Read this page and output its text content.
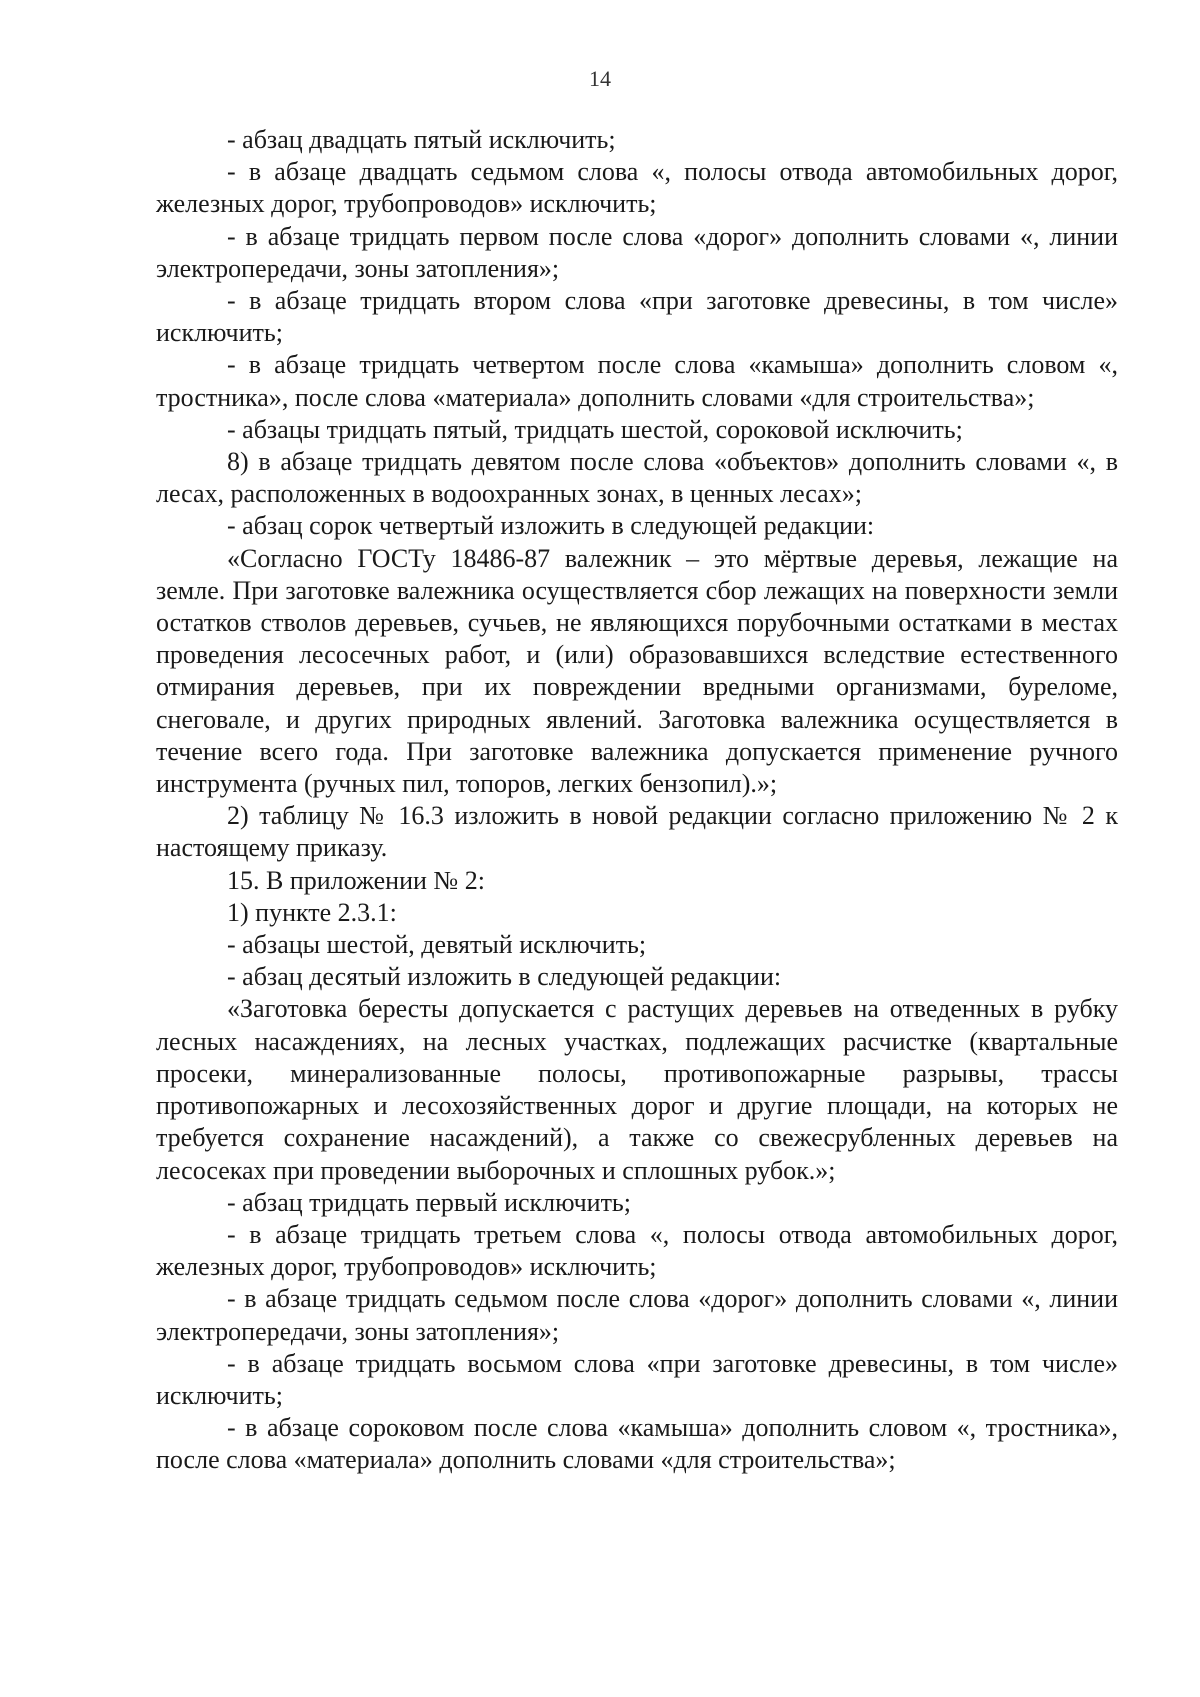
14

- абзац двадцать пятый исключить;

- в абзаце двадцать седьмом слова «, полосы отвода автомобильных дорог, железных дорог, трубопроводов» исключить;

- в абзаце тридцать первом после слова «дорог» дополнить словами «, линии электропередачи, зоны затопления»;

- в абзаце тридцать втором слова «при заготовке древесины, в том числе» исключить;

- в абзаце тридцать четвертом после слова «камыша» дополнить словом «, тростника», после слова «материала» дополнить словами «для строительства»;

- абзацы тридцать пятый, тридцать шестой, сороковой исключить;

8) в абзаце тридцать девятом после слова «объектов» дополнить словами «, в лесах, расположенных в водоохранных зонах, в ценных лесах»;

- абзац сорок четвертый изложить в следующей редакции:

«Согласно ГОСТу 18486-87 валежник – это мёртвые деревья, лежащие на земле. При заготовке валежника осуществляется сбор лежащих на поверхности земли остатков стволов деревьев, сучьев, не являющихся порубочными остатками в местах проведения лесосечных работ, и (или) образовавшихся вследствие естественного отмирания деревьев, при их повреждении вредными организмами, буреломе, снеговале, и других природных явлений. Заготовка валежника осуществляется в течение всего года. При заготовке валежника допускается применение ручного инструмента (ручных пил, топоров, легких бензопил).»;

2) таблицу № 16.3 изложить в новой редакции согласно приложению № 2 к настоящему приказу.

15. В приложении № 2:

1) пункте 2.3.1:

- абзацы шестой, девятый исключить;

- абзац десятый изложить в следующей редакции:

«Заготовка бересты допускается с растущих деревьев на отведенных в рубку лесных насаждениях, на лесных участках, подлежащих расчистке (квартальные просеки, минерализованные полосы, противопожарные разрывы, трассы противопожарных и лесохозяйственных дорог и другие площади, на которых не требуется сохранение насаждений), а также со свежесрубленных деревьев на лесосеках при проведении выборочных и сплошных рубок.»;

- абзац тридцать первый исключить;

- в абзаце тридцать третьем слова «, полосы отвода автомобильных дорог, железных дорог, трубопроводов» исключить;

- в абзаце тридцать седьмом после слова «дорог» дополнить словами «, линии электропередачи, зоны затопления»;

- в абзаце тридцать восьмом слова «при заготовке древесины, в том числе» исключить;

- в абзаце сороковом после слова «камыша» дополнить словом «, тростника», после слова «материала» дополнить словами «для строительства»;
